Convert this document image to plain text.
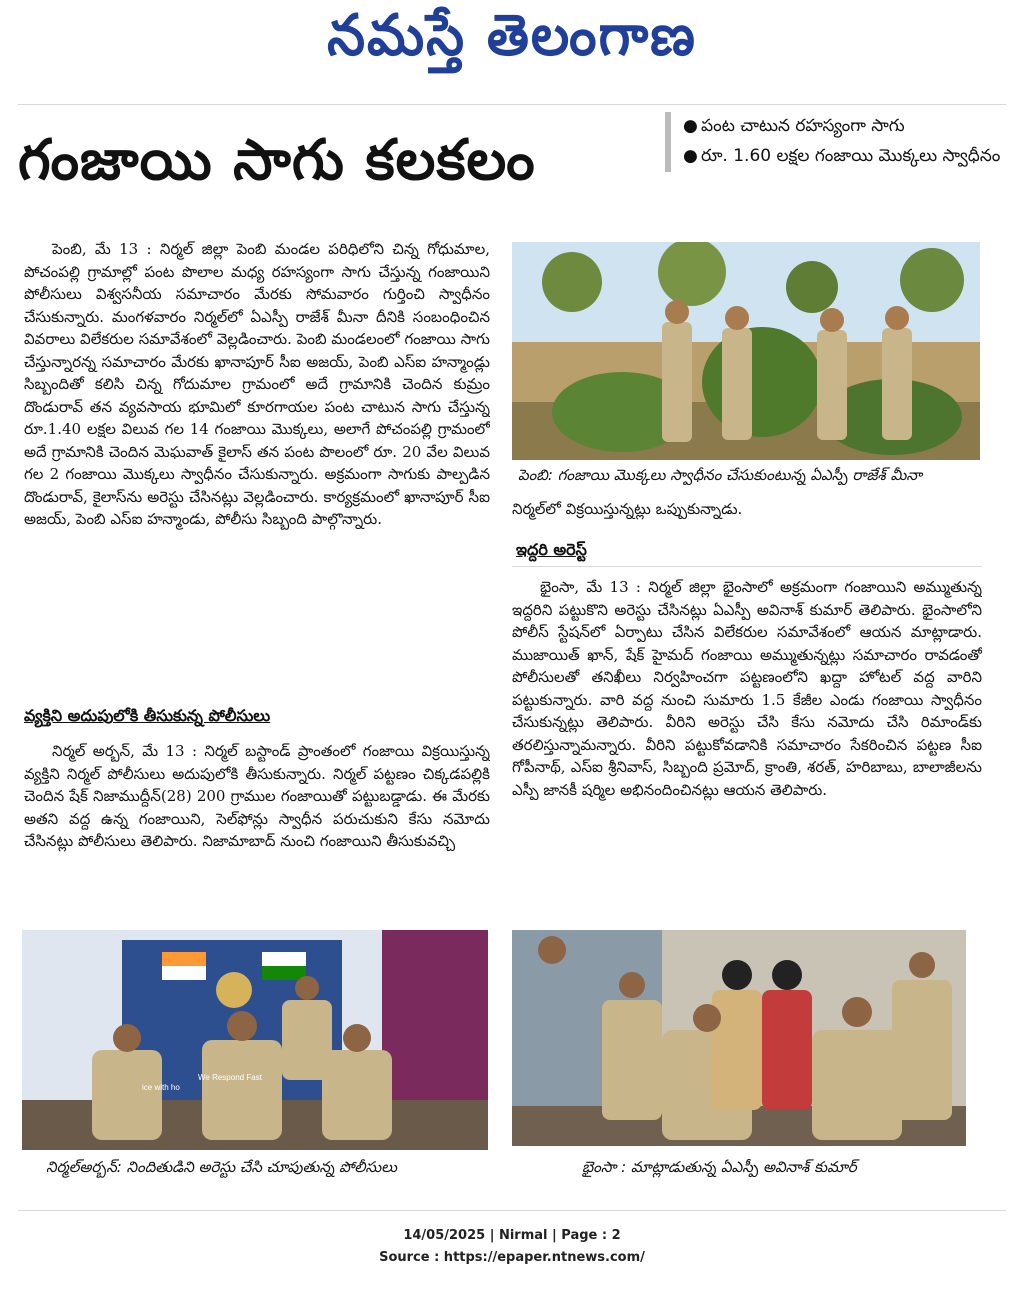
నమస్తే తెలంగాణ
గంజాయి సాగు కలకలం
● పంట చాటున రహస్యంగా సాగు
● రూ. 1.60 లక్షల గంజాయి మొక్కలు స్వాధీనం

పెంబి, మే 13 : నిర్మల్ జిల్లా పెంబి మండల పరిధిలోని చిన్న గోధుమాల, పోచంపల్లి గ్రామాల్లో పంట పొలాల మధ్య రహస్యంగా సాగు చేస్తున్న గంజాయిని పోలీసులు విశ్వసనీయ సమాచారం మేరకు సోమవారం గుర్తించి స్వాధీనం చేసుకున్నారు. మంగళవారం నిర్మల్‌లో ఏఎస్పీ రాజేశ్ మీనా దీనికి సంబంధించిన వివరాలు విలేకరుల సమావేశంలో వెల్లడించారు. పెంబి మండలంలో గంజాయి సాగు చేస్తున్నారన్న సమాచారం మేరకు ఖానాపూర్ సీఐ అజయ్, పెంబి ఎస్ఐ హన్మాండ్లు సిబ్బందితో కలిసి చిన్న గోదుమాల గ్రామంలో అదే గ్రామానికి చెందిన కుమ్రం దొండురావ్ తన వ్యవసాయ భూమిలో కూరగాయల పంట చాటున సాగు చేస్తున్న రూ.1.40 లక్షల విలువ గల 14 గంజాయి మొక్కలు, అలాగే పోచంపల్లి గ్రామంలో అదే గ్రామానికి చెందిన మెఘవాత్ కైలాస్ తన పంట పొలంలో రూ. 20 వేల విలువ గల 2 గంజాయి మొక్కలు స్వాధీనం చేసుకున్నారు. అక్రమంగా సాగుకు పాల్పడిన దొండురావ్, కైలాస్‌ను అరెస్టు చేసినట్లు వెల్లడించారు. కార్యక్రమంలో ఖానాపూర్ సీఐ అజయ్, పెంబి ఎస్ఐ హన్మాండు, పోలీసు సిబ్బంది పాల్గొన్నారు.

వ్యక్తిని అదుపులోకి తీసుకున్న పోలీసులు

నిర్మల్ అర్బన్, మే 13 : నిర్మల్ బస్టాండ్ ప్రాంతంలో గంజాయి విక్రయిస్తున్న వ్యక్తిని నిర్మల్ పోలీసులు అదుపులోకి తీసుకున్నారు. నిర్మల్ పట్టణం చిక్కడపల్లికి చెందిన షేక్ నిజాముద్దీన్(28) 200 గ్రాముల గంజాయితో పట్టుబడ్డాడు. ఈ మేరకు అతని వద్ద ఉన్న గంజాయిని, సెల్‌ఫోన్లు స్వాధీన పరుచుకుని కేసు నమోదు చేసినట్లు పోలీసులు తెలిపారు. నిజామాబాద్ నుంచి గంజాయిని తీసుకువచ్చి

పెంబి: గంజాయి మొక్కలు స్వాధీనం చేసుకుంటున్న ఏఎస్పీ రాజేశ్ మీనా

నిర్మల్‌లో విక్రయిస్తున్నట్లు ఒప్పుకున్నాడు.

ఇద్దరి అరెస్ట్

భైంసా, మే 13 : నిర్మల్ జిల్లా భైంసాలో అక్రమంగా గంజాయిని అమ్ముతున్న ఇద్దరిని పట్టుకొని అరెస్టు చేసినట్లు ఏఎస్పీ అవినాశ్ కుమార్ తెలిపారు. భైంసాలోని పోలీస్ స్టేషన్‌లో ఏర్పాటు చేసిన విలేకరుల సమావేశంలో ఆయన మాట్లాడారు. ముజాయిత్ ఖాన్, షేక్ హైమద్ గంజాయి అమ్ముతున్నట్లు సమాచారం రావడంతో పోలీసులతో తనిఖీలు నిర్వహించగా పట్టణంలోని ఖద్దా హోటల్ వద్ద వారిని పట్టుకున్నారు. వారి వద్ద నుంచి సుమారు 1.5 కేజీల ఎండు గంజాయి స్వాధీనం చేసుకున్నట్లు తెలిపారు. వీరిని అరెస్టు చేసి కేసు నమోదు చేసి రిమాండ్‌కు తరలిస్తున్నామన్నారు. వీరిని పట్టుకోవడానికి సమాచారం సేకరించిన పట్టణ సీఐ గోపీనాథ్, ఎస్ఐ శ్రీనివాస్, సిబ్బంది ప్రమోద్, క్రాంతి, శరత్, హరిబాబు, బాలాజీలను ఎస్పీ జానకీ షర్మిల అభినందించినట్లు ఆయన తెలిపారు.

We Respond Fast
ice with ho
నిర్మల్‌అర్బన్: నిందితుడిని అరెస్టు చేసి చూపుతున్న పోలీసులు	భైంసా : మాట్లాడుతున్న ఏఎస్పీ అవినాశ్ కుమార్
14/05/2025 | Nirmal | Page : 2
Source : https://epaper.ntnews.com/
